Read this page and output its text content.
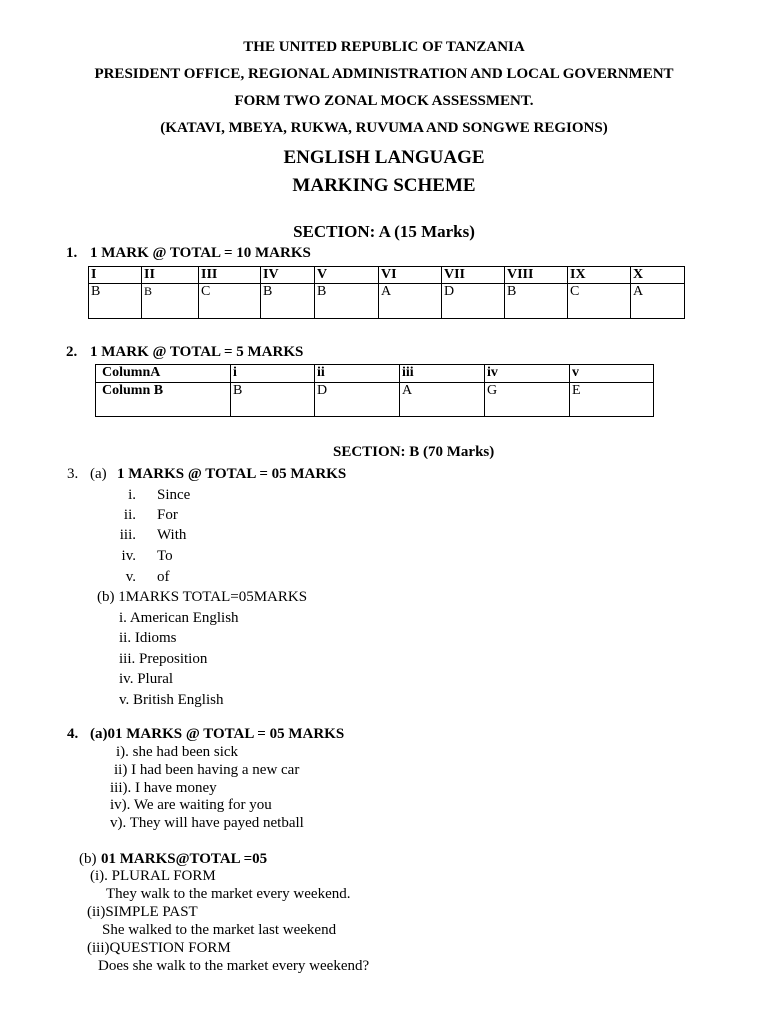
THE UNITED REPUBLIC OF TANZANIA
PRESIDENT OFFICE, REGIONAL ADMINISTRATION AND LOCAL GOVERNMENT
FORM TWO ZONAL MOCK ASSESSMENT.
(KATAVI, MBEYA, RUKWA, RUVUMA AND SONGWE REGIONS)
ENGLISH LANGUAGE
MARKING SCHEME
SECTION: A (15 Marks)
1. 1 MARK @ TOTAL = 10 MARKS
I	II	III	IV	V	VI	VII	VIII	IX	X
B	B	C	B	B	A	D	B	C	A
2. 1 MARK @ TOTAL = 5 MARKS
ColumnA	i	ii	iii	iv	v
Column B	B	D	A	G	E
SECTION: B (70 Marks)
3. (a) 1 MARKS @ TOTAL = 05 MARKS
i. Since
ii. For
iii. With
iv. To
v. of
(b) 1MARKS TOTAL=05MARKS
i. American English
ii. Idioms
iii. Preposition
iv. Plural
v. British English
4. (a)01 MARKS @ TOTAL = 05 MARKS
i). she had been sick
ii) I had been having a new car
iii). I have money
iv). We are waiting for you
v). They will have payed netball
(b) 01 MARKS@TOTAL =05
(i). PLURAL FORM
They walk to the market every weekend.
(ii)SIMPLE PAST
She walked to the market last weekend
(iii)QUESTION FORM
Does she walk to the market every weekend?
